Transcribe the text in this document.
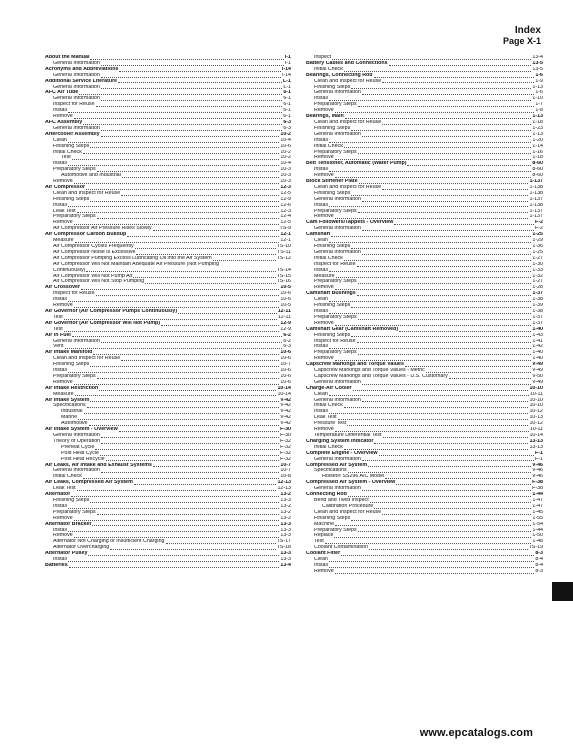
Index
Page X-1
About the Manual	i-1
General Information	i-1
Acronyms and Abbreviations	i-14
General Information	i-14
Additional Service Literature	L-1
General Information	L-1
AFC Air Tube	6-1
General Information	6-1
Inspect for Reuse	6-1
Install	6-1
Remove	6-1
AFC Assembly	6-3
General Information	6-3
Aftercooler Assembly	10-2
Clean	10-4
Finishing Steps	10-6
Initial Check	10-2
Test	10-2
Install	10-4
Preparatory Steps	10-3
Automotive and Industrial	10-3
Remove	10-3
Air Compressor	12-3
Clean and Inspect for Reuse	12-5
Finishing Steps	12-9
Install	12-6
Leak Test	12-3
Preparatory Steps	12-4
Remove	12-5
Air Compressor Air Pressure Rises Slowly	TS-9
Air Compressor Carbon Buildup	12-1
Measure	12-1
Air Compressor Cycles Frequently	TS-10
Air Compressor Noise is Excessive	TS-11
Air Compressor Pumping Excess Lubricating Oil into the Air System	TS-12
Air Compressor Will Not Maintain Adequate Air Pressure (Not Pumping
Continuously)	TS-14
Air Compressor Will Not Pump Air	TS-15
Air Compressor Will Not Stop Pumping	TS-16
Air Crossover	10-5
Inspect for Reuse	10-6
Install	10-6
Remove	10-5
Air Governor (Air Compressor Pumps Continuously)	12-11
Test	12-11
Air Governor (Air Compressor Will Not Pump)	12-9
Test	12-9
Air in Fuel	6-2
General Information	6-2
Vent	6-3
Air Intake Manifold	10-6
Clean and Inspect for Reuse	10-6
Finishing Steps	10-7
Install	10-6
Preparatory Steps	10-6
Remove	10-6
Air Intake Restriction	10-14
Measure	10-14
Air Intake System	V-42
Specifications	V-42
Industrial	V-42
Marine	V-42
Automotive	V-42
Air Intake System - Overview	F-30
General Information	F-30
Theory of Operation	F-32
Preheat Cycle	F-32
Post Heat Cycle	F-32
Post Heat Recycle	F-32
Air Leaks, Air Intake and Exhaust Systems	10-7
General Information	10-7
Initial Check	10-8
Air Leaks, Compressed Air System	12-13
Leak Test	12-13
Alternator	13-2
Finishing Steps	13-3
Install	13-2
Preparatory Steps	13-2
Remove	13-2
Alternator Bracket	13-3
Install	13-3
Remove	13-3
Alternator Not Charging or Insufficient Charging	TS-17
Alternator Overcharging	TS-18
Alternator Pulley	13-3
Install	13-3
Batteries	13-4
Inspect	13-4
Battery Cables and Connections	13-5
Initial Check	13-5
Bearings, Connecting Rod	1-6
Clean and Inspect for Reuse	1-9
Finishing Steps	1-13
General Information	1-6
Install	1-10
Preparatory Steps	1-7
Remove	1-8
Bearings, Main	1-13
Clean and Inspect for Reuse	1-18
Finishing Steps	1-23
General Information	1-13
Install	1-20
Initial Check	1-14
Preparatory Steps	1-16
Remove	1-18
Belt Tensioner, Automatic (Water Pump)	8-60
Install	8-60
Remove	8-60
Block Stiffener Plate	1-137
Clean and Inspect for Reuse	1-138
Finishing Steps	1-138
General Information	1-137
Install	1-138
Preparatory Steps	1-137
Remove	1-137
Cam Followers/Tappets - Overview	F-2
General Information	F-2
Camshaft	1-25
Clean	1-29
Finishing Steps	1-36
General Information	1-25
Initial Check	1-27
Inspect for Reuse	1-30
Install	1-33
Measure	1-32
Preparatory Steps	1-27
Remove	1-28
Camshaft Bushings	1-37
Clean	1-38
Finishing Steps	1-39
Install	1-38
Preparatory Steps	1-37
Remove	1-37
Camshaft Gear (Camshaft Removed)	1-40
Finishing Steps	1-43
Inspect for Reuse	1-41
Install	1-42
Preparatory Steps	1-40
Remove	1-40
Capscrew Markings and Torque Values	V-49
Capscrew Markings and Torque Values - Metric	V-49
Capscrew Markings and Torque Values - U.S. Customary	V-50
General Information	V-49
Charge-Air Cooler	10-10
Clean	10-11
General Information	10-10
Initial Check	10-10
Install	10-12
Leak Test	10-13
Pressure Test	10-12
Remove	10-11
Temperature Differential Test	10-14
Charging System Indicator	13-13
Initial Check	13-13
Complete Engine - Overview	F-1
General Information	F-1
Compressed Air System	V-46
Specifications	V-46
Holset® SS296 A/C Model	V-46
Compressed Air System - Overview	F-38
General Information	F-38
Connecting Rod	1-44
Bend and Twist Inspect	1-47
Calibration Procedure	1-47
Clean and Inspect for Reuse	1-45
Finishing Steps	1-55
Machine	1-54
Preparatory Steps	1-44
Replace	1-50
Test	1-48
Coolant Contamination	TS-19
Coolant Filter	8-3
Clean	8-4
Install	8-4
Remove	8-3
www.epcatalogs.com
